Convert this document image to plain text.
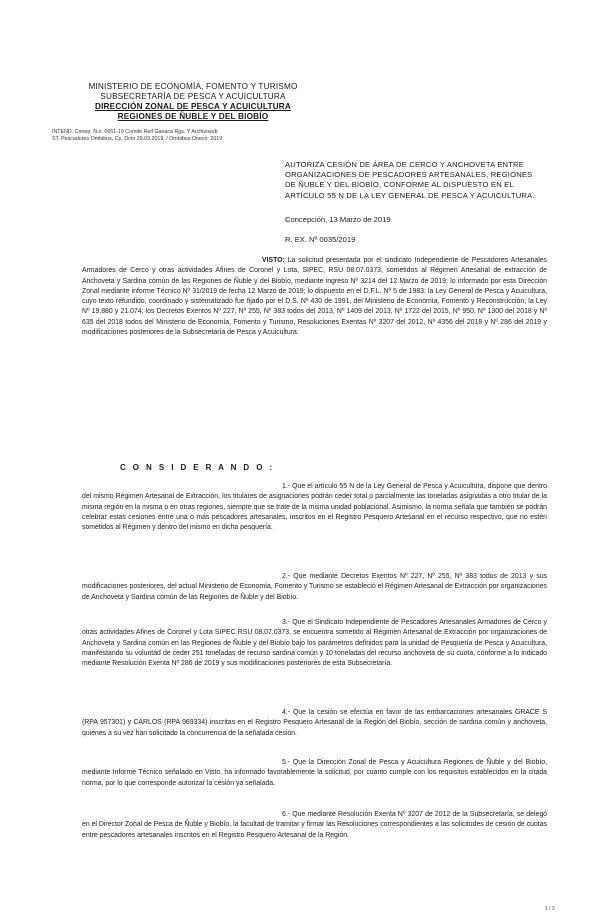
MINISTERIO DE ECONOMÍA, FOMENTO Y TURISMO
SUBSECRETARÍA DE PESCA Y ACUICULTURA
DIRECCIÓN ZONAL DE PESCA Y ACUICULTURA
REGIONES DE ÑUBLE Y DEL BIOBÍO
INTEND. Conep. N.o. 0651-19 Comite Reif Ganaca Rgs. Y Archivosob
ST. Pescadores Ombibus, Cp. Dctn 29.03.2019. / Ombibus Oneco: 2019
AUTORIZA CESIÓN DE ÁREA DE CERCO Y ANCHOVETA ENTRE ORGANIZACIONES DE PESCADORES ARTESANALES, REGIONES DE ÑUBLE Y DEL BIOBÍO, CONFORME AL DISPUESTO EN EL ARTÍCULO 55 N DE LA LEY GENERAL DE PESCA Y ACUICULTURA.
Concepción, 13 Marzo de 2019
R. EX. Nº 0035/2019
VISTO: La solicitud presentada por el sindicato Independiente de Pescadores Artesanales Armadores de Cerco y otras actividades Afines de Coronel y Lota, SIPEC, RSU 08.07.0373, sometidos al Régimen Artesanal de extracción de Anchoveta y Sardina común de las Regiones de Ñuble y del Biobío, mediante ingreso Nº 3214 del 12 Marzo de 2019; lo informado por esta Dirección Zonal mediante informe Técnico Nº 31/2019 de fecha 12 Marzo de 2019; lo dispuesto en el D.F.L. Nº 5 de 1983; la Ley General de Pesca y Acuicultura, cuyo texto refundido, coordinado y sistematizado fue fijado por el D.S. Nº 430 de 1991, del Ministerio de Economía, Fomento y Reconstrucción; la Ley Nº 19.880 y 21.074; los Decretos Exentos Nº 227, Nº 255, Nº 383 todos del 2013, Nº 1409 del 2013, Nº 1722 del 2015, Nº 950, Nº 1300 del 2018 y Nº 635 del 2018 todos del Ministerio de Economía, Fomento y Turismo, Resoluciones Exentas Nº 3207 del 2012, Nº 4356 del 2018 y Nº 286 del 2019 y modificaciones posteriores de la Subsecretaría de Pesca y Acuicultura.
C O N S I D E R A N D O :
1.- Que el artículo 55 N de la Ley General de Pesca y Acuicultura, dispone que dentro del mismo Régimen Artesanal de Extracción, los titulares de asignaciones podrán ceder total o parcialmente las toneladas asignadas a otro titular de la misma región en la misma o en otras regiones, siempre que se trate de la misma unidad poblacional. Asimismo, la norma señala que también se podrán celebrar estas cesiones entre una o más pescadores artesanales, inscritos en el Registro Pesquero Artesanal en el recurso respectivo, que no estén sometidos al Régimen y dentro del mismo en dicha pesquería.
2.- Que mediante Decretos Exentos Nº 227, Nº 255, Nº 383 todos de 2013 y sus modificaciones posteriores, del actual Ministerio de Economía, Fomento y Turismo se estableció el Régimen Artesanal de Extracción por organizaciones de Anchoveta y Sardina común de las Regiones de Ñuble y del Biobío.
3.- Que el Sindicato Independiente de Pescadores Artesanales Armadores de Cerco y otras actividades Afines de Coronel y Lota SIPEC RSU 08.07.0373, se encuentra sometido al Régimen Artesanal de Extracción por organizaciones de Anchoveta y Sardina común en las Regiones de Ñuble y del Biobío bajo los parámetros definidos para la unidad de Pesquería de Pesca y Acuicultura, manifestando su voluntad de ceder 251 toneladas de recurso sardina común y 10 toneladas del recurso anchoveta de su cuota, conforme a lo indicado mediante Resolución Exenta Nº 286 de 2019 y sus modificaciones posteriores de esta Subsecretaría.
4.- Que la cesión se efectúa en favor de las embarcaciones artesanales GRACE S (RPA 957301) y CARLOS (RPA 969334) inscritas en el Registro Pesquero Artesanal de la Región del Biobío, sección de sardina común y anchoveta, quienes a su vez han solicitado la concurrencia de la señalada cesión.
5.- Que la Dirección Zonal de Pesca y Acuicultura Regiones de Ñuble y del Biobío, mediante Informe Técnico señalado en Visto, ha informado favorablemente la solicitud, por cuanto cumple con los requisitos establecidos en la citada norma, por lo que corresponde autorizar la cesión ya señalada.
6.- Que mediante Resolución Exenta Nº 3207 de 2012 de la Subsecretaría, se delegó en el Director Zonal de Pesca de Ñuble y Biobío, la facultad de tramitar y firmar las Resoluciones correspondientes a las solicitudes de cesión de cuotas entre pescadores artesanales inscritos en el Registro Pesquero Artesanal de la Región.
1 / 2
